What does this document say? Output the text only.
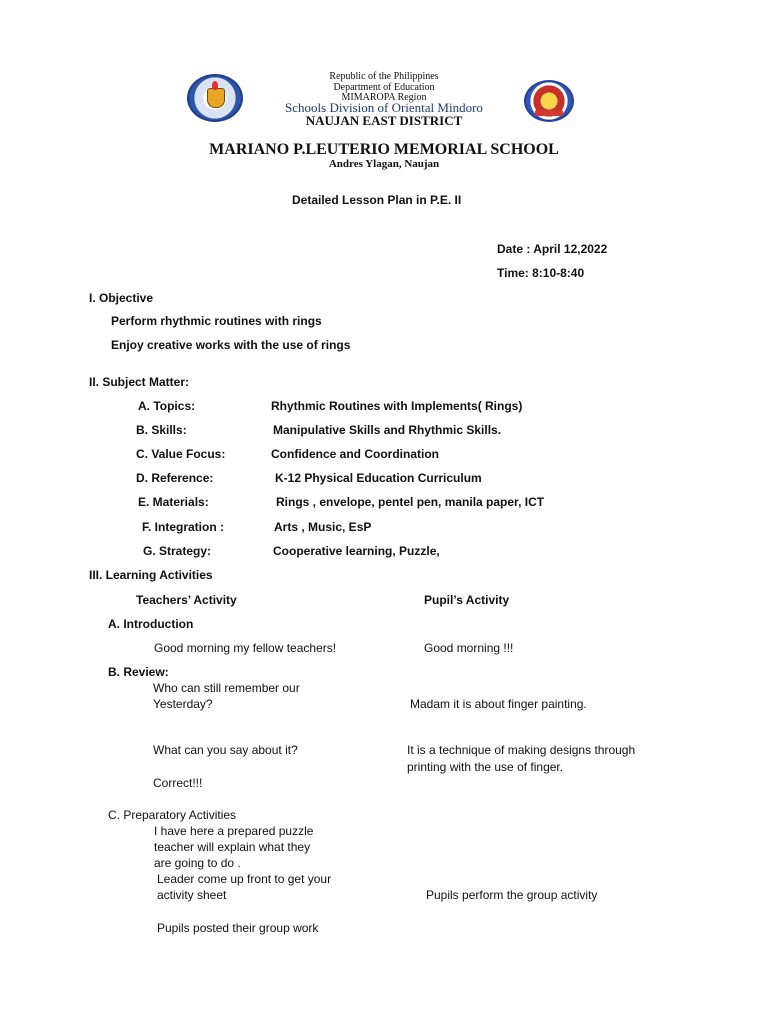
Republic of the Philippines
Department of Education
MIMAROPA Region
Schools Division of Oriental Mindoro
NAUJAN EAST DISTRICT
MARIANO P.LEUTERIO MEMORIAL SCHOOL
Andres Ylagan, Naujan
Detailed Lesson Plan in P.E. II
Date : April 12,2022
Time: 8:10-8:40
I. Objective
Perform rhythmic routines with rings
Enjoy creative works with the use of rings
II. Subject Matter:
A. Topics:	Rhythmic Routines with Implements( Rings)
B. Skills:	Manipulative Skills and Rhythmic Skills.
C. Value Focus:	Confidence and Coordination
D. Reference:	K-12 Physical Education Curriculum
E. Materials:	Rings , envelope, pentel pen, manila paper, ICT
F. Integration :	Arts , Music, EsP
G. Strategy:	Cooperative learning, Puzzle,
III. Learning Activities
Teachers’ Activity	Pupil’s Activity
A. Introduction
Good morning my fellow teachers!	Good morning !!!
B. Review:
Who can still remember our
Yesterday?	Madam it is about finger painting.
What can you say about it?	It is a technique of making designs through
printing with the use of finger.
Correct!!!
C. Preparatory Activities
I have here a prepared puzzle
teacher will explain what they
are going to do .
Leader come up front to get your
activity sheet	Pupils perform the group activity
Pupils posted their group work
